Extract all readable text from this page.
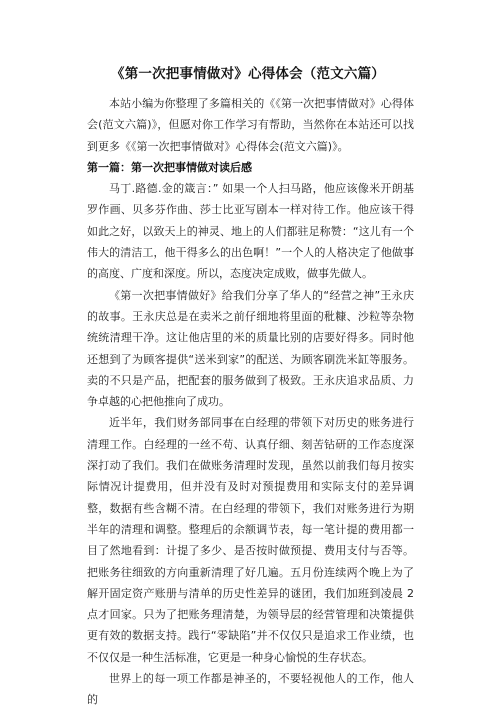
《第一次把事情做对》心得体会（范文六篇）

本站小编为你整理了多篇相关的《《第一次把事情做对》心得体会(范文六篇)》，但愿对你工作学习有帮助，当然你在本站还可以找到更多《《第一次把事情做对》心得体会(范文六篇)》。

第一篇：第一次把事情做对读后感

马丁.路德.金的箴言：” 如果一个人扫马路，他应该像米开朗基罗作画、贝多芬作曲、莎士比亚写剧本一样对待工作。他应该干得如此之好，以致天上的神灵、地上的人们都驻足称赞：“这儿有一个伟大的清洁工，他干得多么的出色啊！”一个人的人格决定了他做事的高度、广度和深度。所以，态度决定成败，做事先做人。

《第一次把事情做好》给我们分享了华人的“经营之神”王永庆的故事。王永庆总是在卖米之前仔细地将里面的秕糠、沙粒等杂物统统清理干净。这让他店里的米的质量比别的店要好得多。同时他还想到了为顾客提供“送米到家”的配送、为顾客刷洗米缸等服务。卖的不只是产品，把配套的服务做到了极致。王永庆追求品质、力争卓越的心把他推向了成功。

近半年，我们财务部同事在白经理的带领下对历史的账务进行清理工作。白经理的一丝不苟、认真仔细、刻苦钻研的工作态度深深打动了我们。我们在做账务清理时发现，虽然以前我们每月按实际情况计提费用，但并没有及时对预提费用和实际支付的差异调整，数据有些含糊不清。在白经理的带领下，我们对账务进行为期半年的清理和调整。整理后的余额调节表，每一笔计提的费用都一目了然地看到：计提了多少、是否按时做预提、费用支付与否等。把账务往细致的方向重新清理了好几遍。五月份连续两个晚上为了解开固定资产账册与清单的历史性差异的谜团，我们加班到凌晨 2 点才回家。只为了把账务理清楚，为领导层的经营管理和决策提供更有效的数据支持。践行“零缺陷”并不仅仅只是追求工作业绩，也不仅仅是一种生活标准，它更是一种身心愉悦的生存状态。

世界上的每一项工作都是神圣的，不要轻视他人的工作，他人的
